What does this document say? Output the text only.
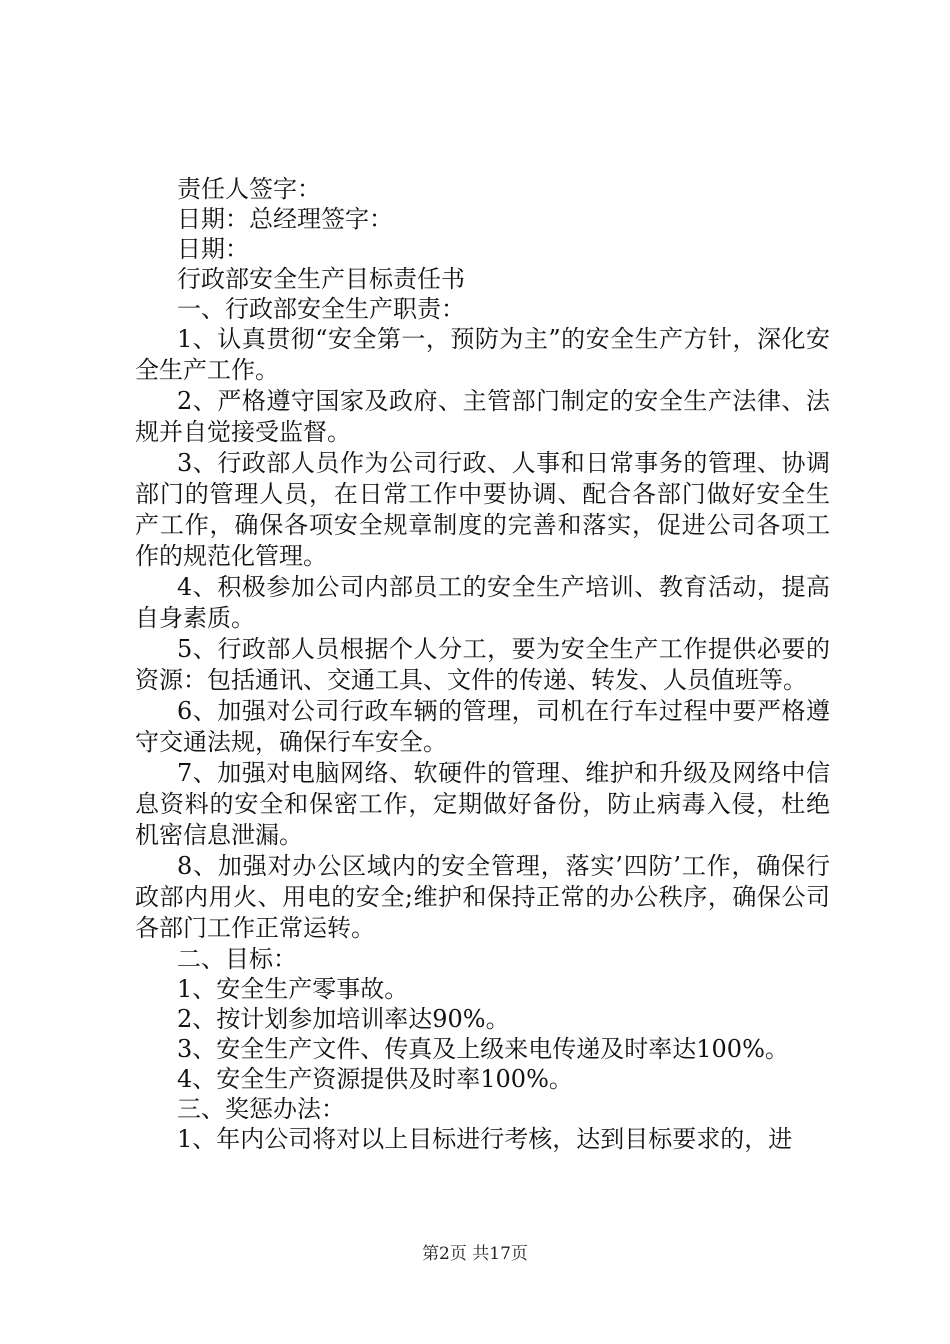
责任人签字：

日期：总经理签字：

日期：

行政部安全生产目标责任书

一、行政部安全生产职责：

1、认真贯彻“安全第一，预防为主”的安全生产方针，深化安全生产工作。

2、严格遵守国家及政府、主管部门制定的安全生产法律、法规并自觉接受监督。

3、行政部人员作为公司行政、人事和日常事务的管理、协调部门的管理人员，在日常工作中要协调、配合各部门做好安全生产工作，确保各项安全规章制度的完善和落实，促进公司各项工作的规范化管理。

4、积极参加公司内部员工的安全生产培训、教育活动，提高自身素质。

5、行政部人员根据个人分工，要为安全生产工作提供必要的资源：包括通讯、交通工具、文件的传递、转发、人员值班等。

6、加强对公司行政车辆的管理，司机在行车过程中要严格遵守交通法规，确保行车安全。

7、加强对电脑网络、软硬件的管理、维护和升级及网络中信息资料的安全和保密工作，定期做好备份，防止病毒入侵，杜绝机密信息泄漏。

8、加强对办公区域内的安全管理，落实’四防’工作，确保行政部内用火、用电的安全;维护和保持正常的办公秩序，确保公司各部门工作正常运转。

二、目标：

1、安全生产零事故。

2、按计划参加培训率达90%。

3、安全生产文件、传真及上级来电传递及时率达100%。

4、安全生产资源提供及时率100%。

三、奖惩办法：

1、年内公司将对以上目标进行考核，达到目标要求的，进

第2页 共17页
